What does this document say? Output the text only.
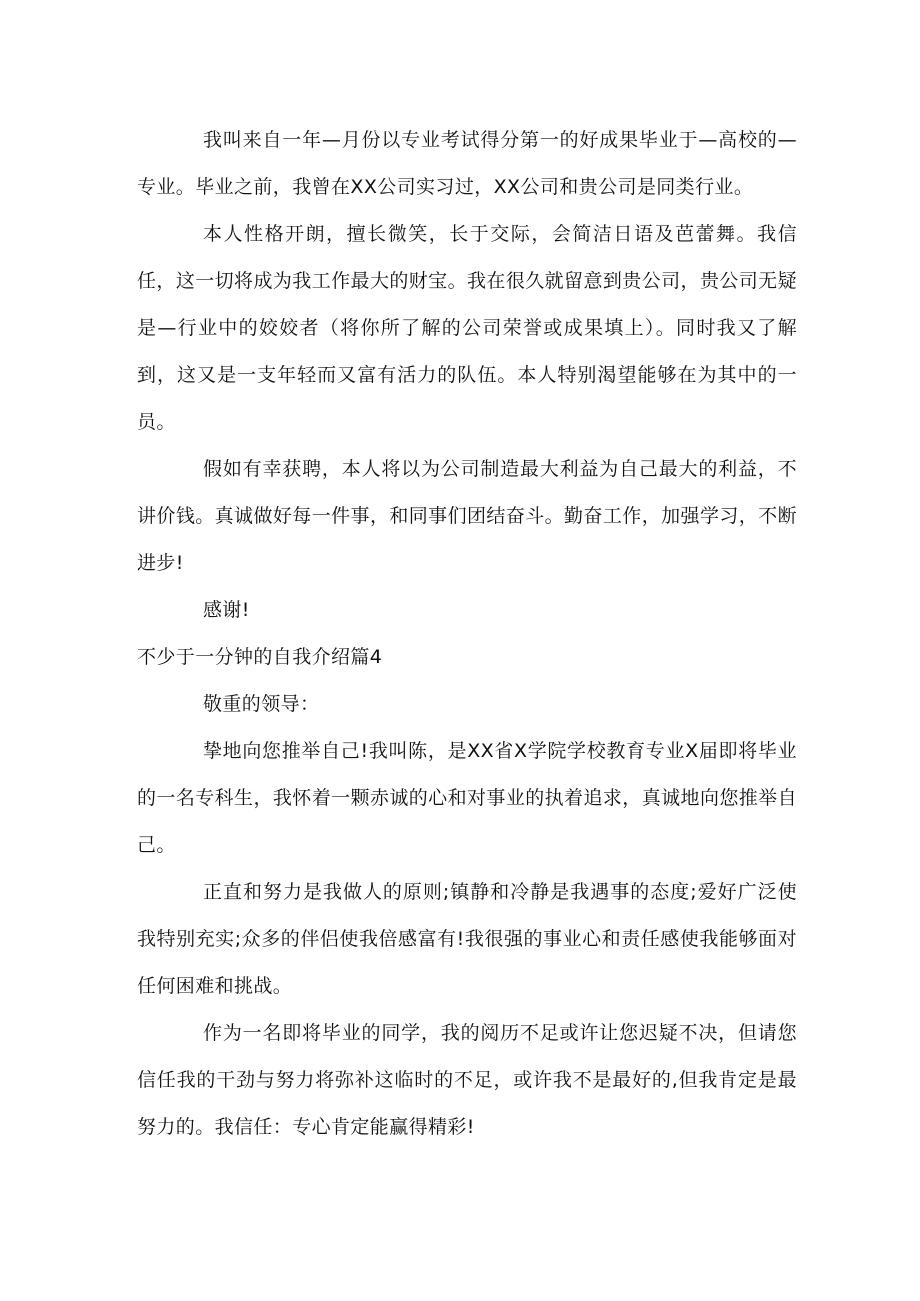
我叫来自一年—月份以专业考试得分第一的好成果毕业于—高校的—专业。毕业之前，我曾在XX公司实习过，XX公司和贵公司是同类行业。

本人性格开朗，擅长微笑，长于交际，会简洁日语及芭蕾舞。我信任，这一切将成为我工作最大的财宝。我在很久就留意到贵公司，贵公司无疑是—行业中的姣姣者（将你所了解的公司荣誉或成果填上）。同时我又了解到，这又是一支年轻而又富有活力的队伍。本人特别渴望能够在为其中的一员。

假如有幸获聘，本人将以为公司制造最大利益为自己最大的利益，不讲价钱。真诚做好每一件事，和同事们团结奋斗。勤奋工作，加强学习，不断进步!

感谢!

不少于一分钟的自我介绍篇4

敬重的领导：

挚地向您推举自己!我叫陈，是XX省X学院学校教育专业X届即将毕业的一名专科生，我怀着一颗赤诚的心和对事业的执着追求，真诚地向您推举自己。

正直和努力是我做人的原则;镇静和冷静是我遇事的态度;爱好广泛使我特别充实;众多的伴侣使我倍感富有!我很强的事业心和责任感使我能够面对任何困难和挑战。

作为一名即将毕业的同学，我的阅历不足或许让您迟疑不决，但请您信任我的干劲与努力将弥补这临时的不足，或许我不是最好的,但我肯定是最努力的。我信任：专心肯定能赢得精彩!
